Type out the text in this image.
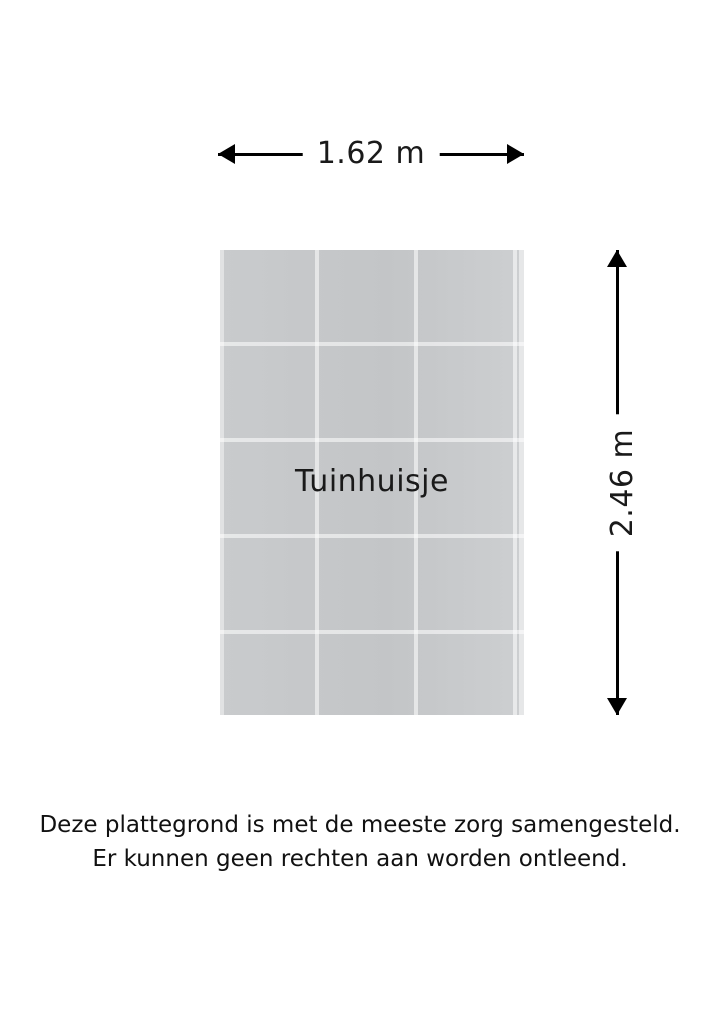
1.62 m
Tuinhuisje	2.46 m
Deze plattegrond is met de meeste zorg samengesteld.
Er kunnen geen rechten aan worden ontleend.
